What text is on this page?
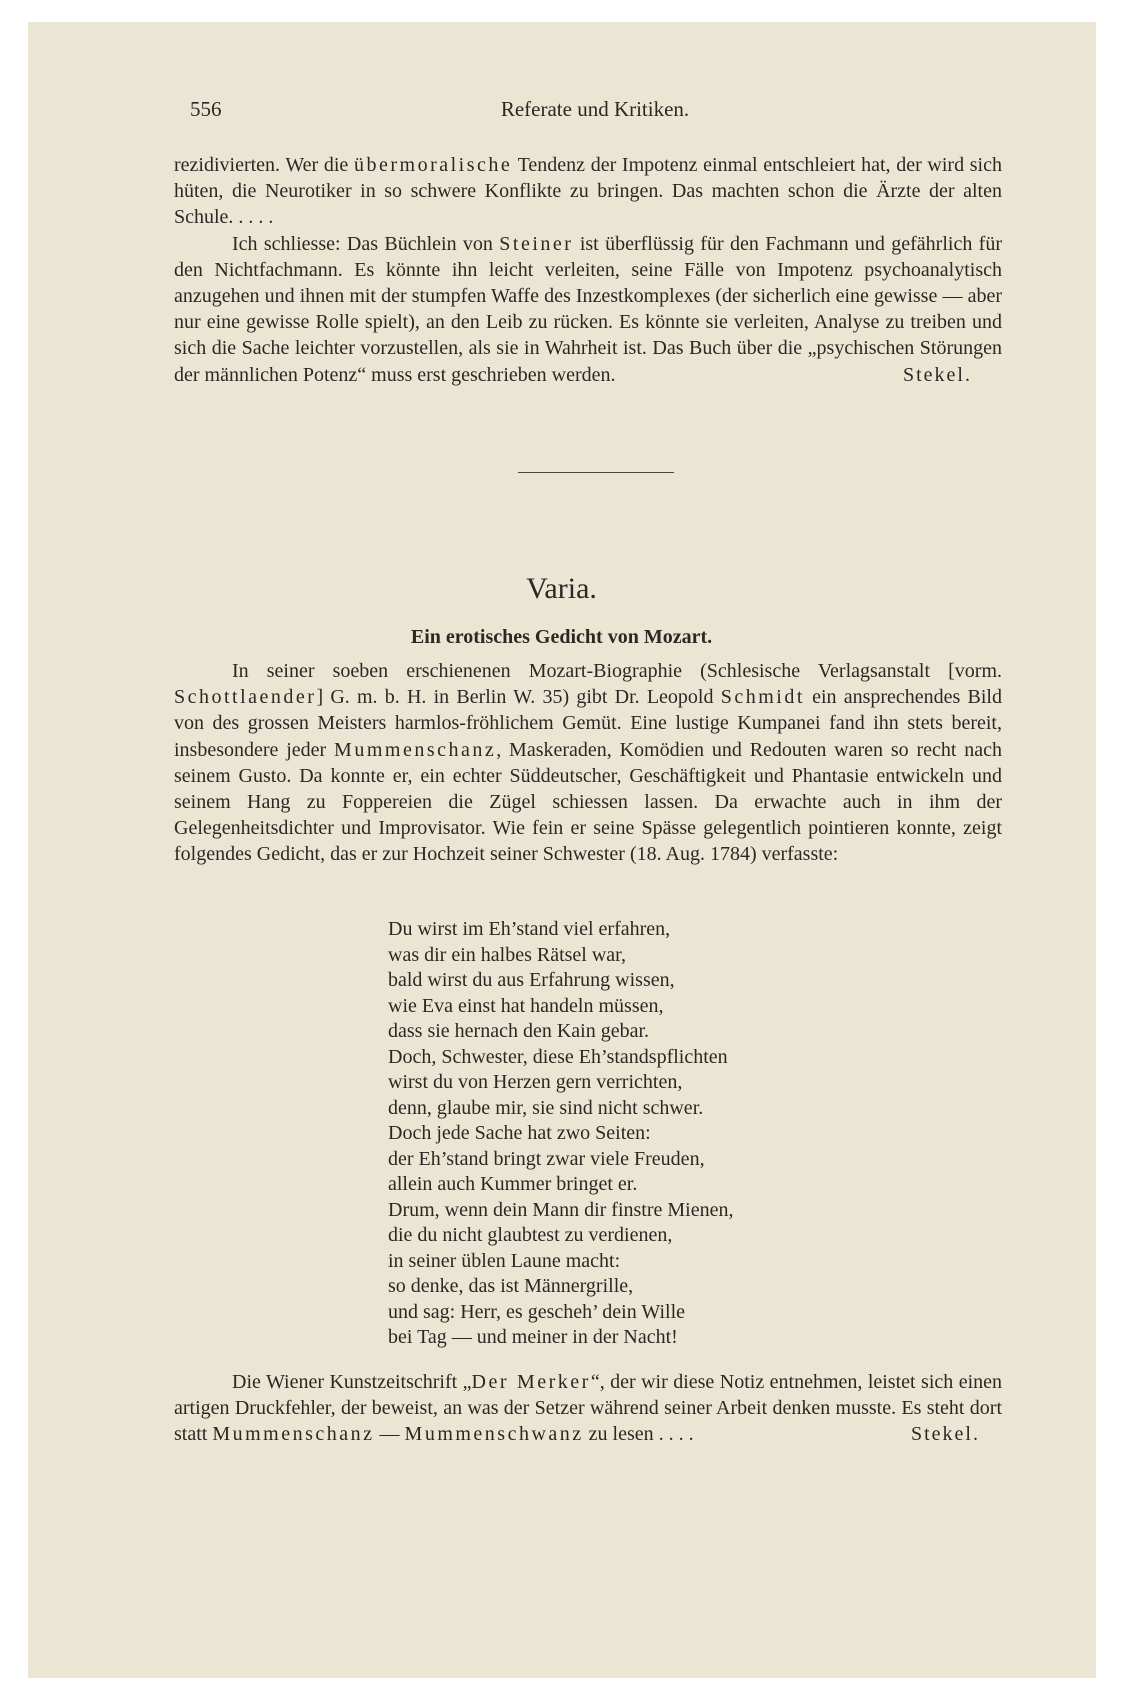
556	Referate und Kritiken.

rezidivierten. Wer die übermoralische Tendenz der Impotenz einmal entschleiert hat, der wird sich hüten, die Neurotiker in so schwere Konflikte zu bringen. Das machten schon die Ärzte der alten Schule. . . . .

Ich schliesse: Das Büchlein von Steiner ist überflüssig für den Fachmann und gefährlich für den Nichtfachmann. Es könnte ihn leicht verleiten, seine Fälle von Impotenz psychoanalytisch anzugehen und ihnen mit der stumpfen Waffe des Inzestkomplexes (der sicherlich eine gewisse — aber nur eine gewisse Rolle spielt), an den Leib zu rücken. Es könnte sie verleiten, Analyse zu treiben und sich die Sache leichter vorzustellen, als sie in Wahrheit ist. Das Buch über die „psychischen Störungen der männlichen Potenz“ muss erst geschrieben werden.	Stekel.

Varia.
Ein erotisches Gedicht von Mozart.

In seiner soeben erschienenen Mozart-Biographie (Schlesische Verlagsanstalt [vorm. Schottlaender] G. m. b. H. in Berlin W. 35) gibt Dr. Leopold Schmidt ein ansprechendes Bild von des grossen Meisters harmlos-fröhlichem Gemüt. Eine lustige Kumpanei fand ihn stets bereit, insbesondere jeder Mummenschanz, Maskeraden, Komödien und Redouten waren so recht nach seinem Gusto. Da konnte er, ein echter Süddeutscher, Geschäftigkeit und Phantasie entwickeln und seinem Hang zu Foppereien die Zügel schiessen lassen. Da erwachte auch in ihm der Gelegenheitsdichter und Improvisator. Wie fein er seine Spässe gelegentlich pointieren konnte, zeigt folgendes Gedicht, das er zur Hochzeit seiner Schwester (18. Aug. 1784) verfasste:

Du wirst im Eh’stand viel erfahren,
was dir ein halbes Rätsel war,
bald wirst du aus Erfahrung wissen,
wie Eva einst hat handeln müssen,
dass sie hernach den Kain gebar.
Doch, Schwester, diese Eh’standspflichten
wirst du von Herzen gern verrichten,
denn, glaube mir, sie sind nicht schwer.
Doch jede Sache hat zwo Seiten:
der Eh’stand bringt zwar viele Freuden,
allein auch Kummer bringet er.
Drum, wenn dein Mann dir finstre Mienen,
die du nicht glaubtest zu verdienen,
in seiner üblen Laune macht:
so denke, das ist Männergrille,
und sag: Herr, es gescheh’ dein Wille
bei Tag — und meiner in der Nacht!

Die Wiener Kunstzeitschrift „Der Merker“, der wir diese Notiz entnehmen, leistet sich einen artigen Druckfehler, der beweist, an was der Setzer während seiner Arbeit denken musste. Es steht dort statt Mummenschanz — Mummenschwanz zu lesen . . . .	Stekel.
